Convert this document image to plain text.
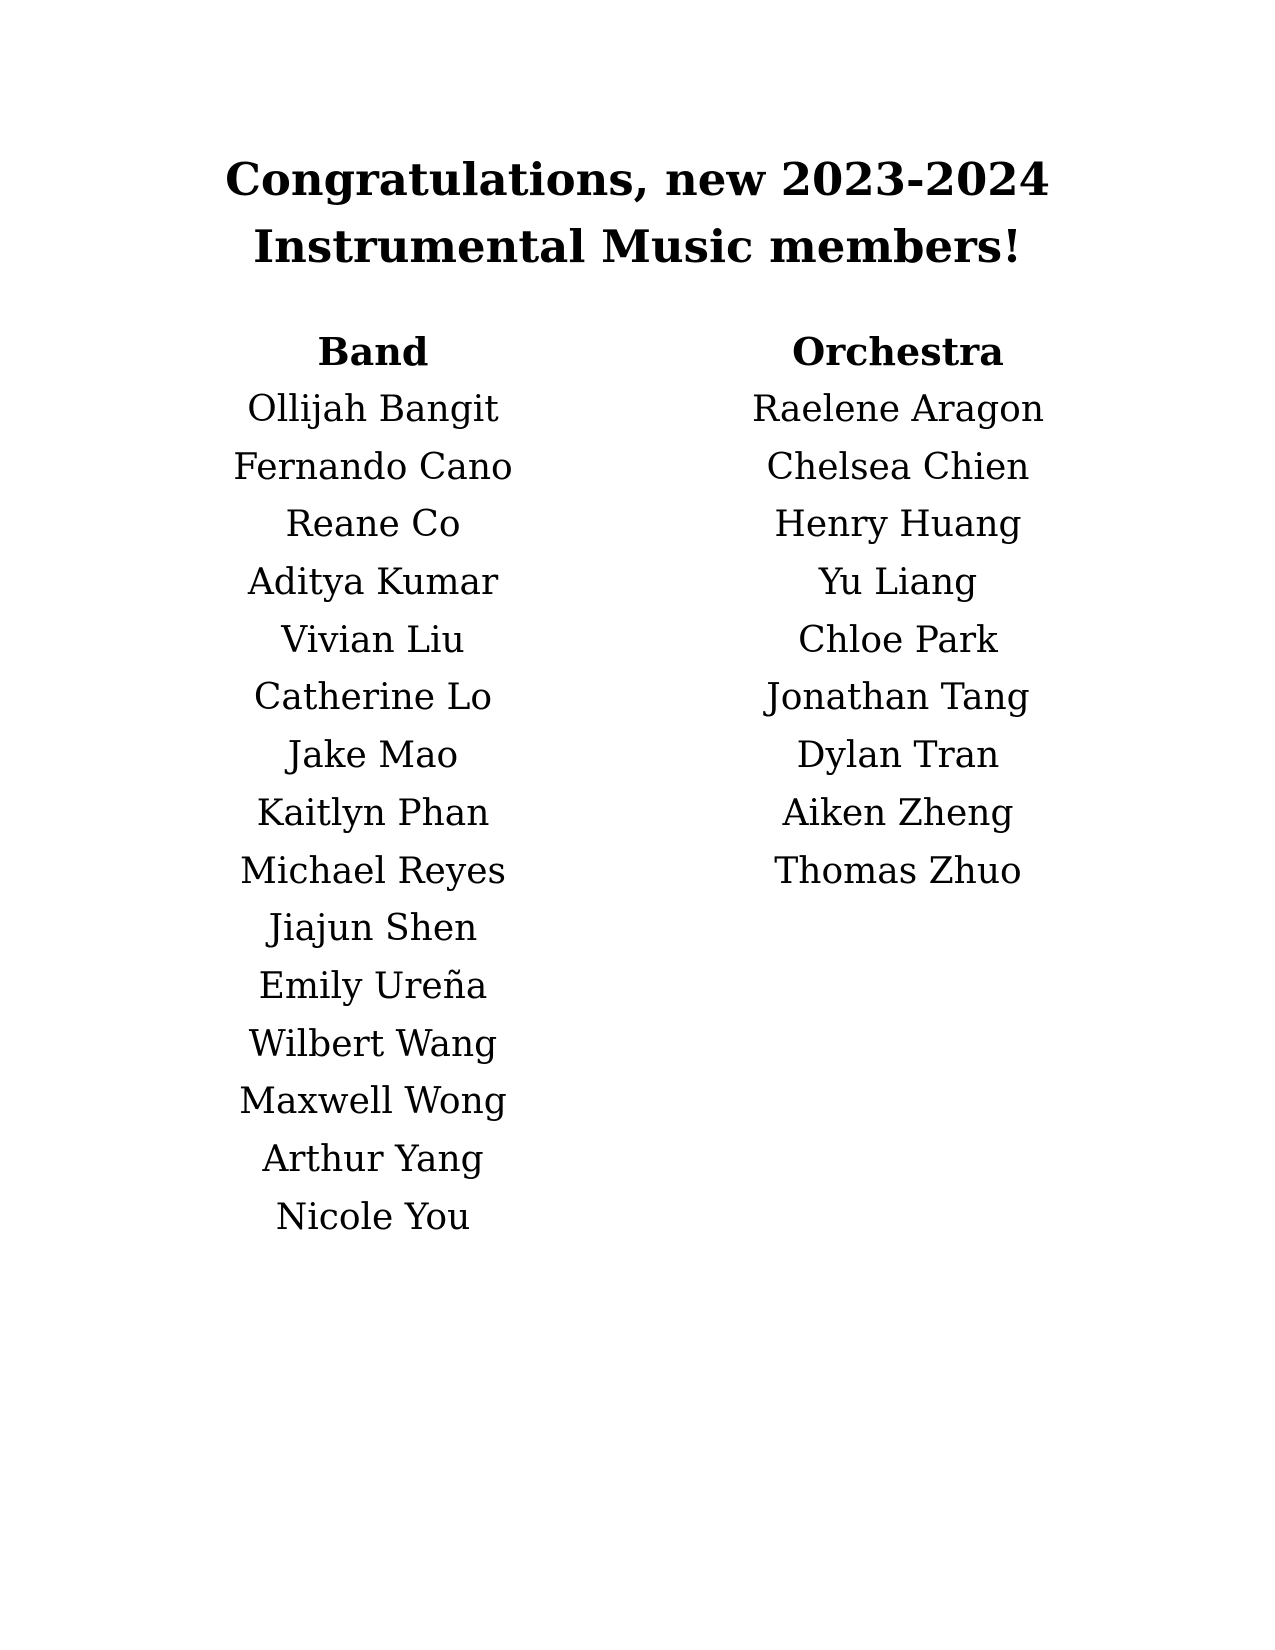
Congratulations, new 2023-2024
Instrumental Music members!
Band
Ollijah Bangit
Fernando Cano
Reane Co
Aditya Kumar
Vivian Liu
Catherine Lo
Jake Mao
Kaitlyn Phan
Michael Reyes
Jiajun Shen
Emily Ureña
Wilbert Wang
Maxwell Wong
Arthur Yang
Nicole You
Orchestra
Raelene Aragon
Chelsea Chien
Henry Huang
Yu Liang
Chloe Park
Jonathan Tang
Dylan Tran
Aiken Zheng
Thomas Zhuo
